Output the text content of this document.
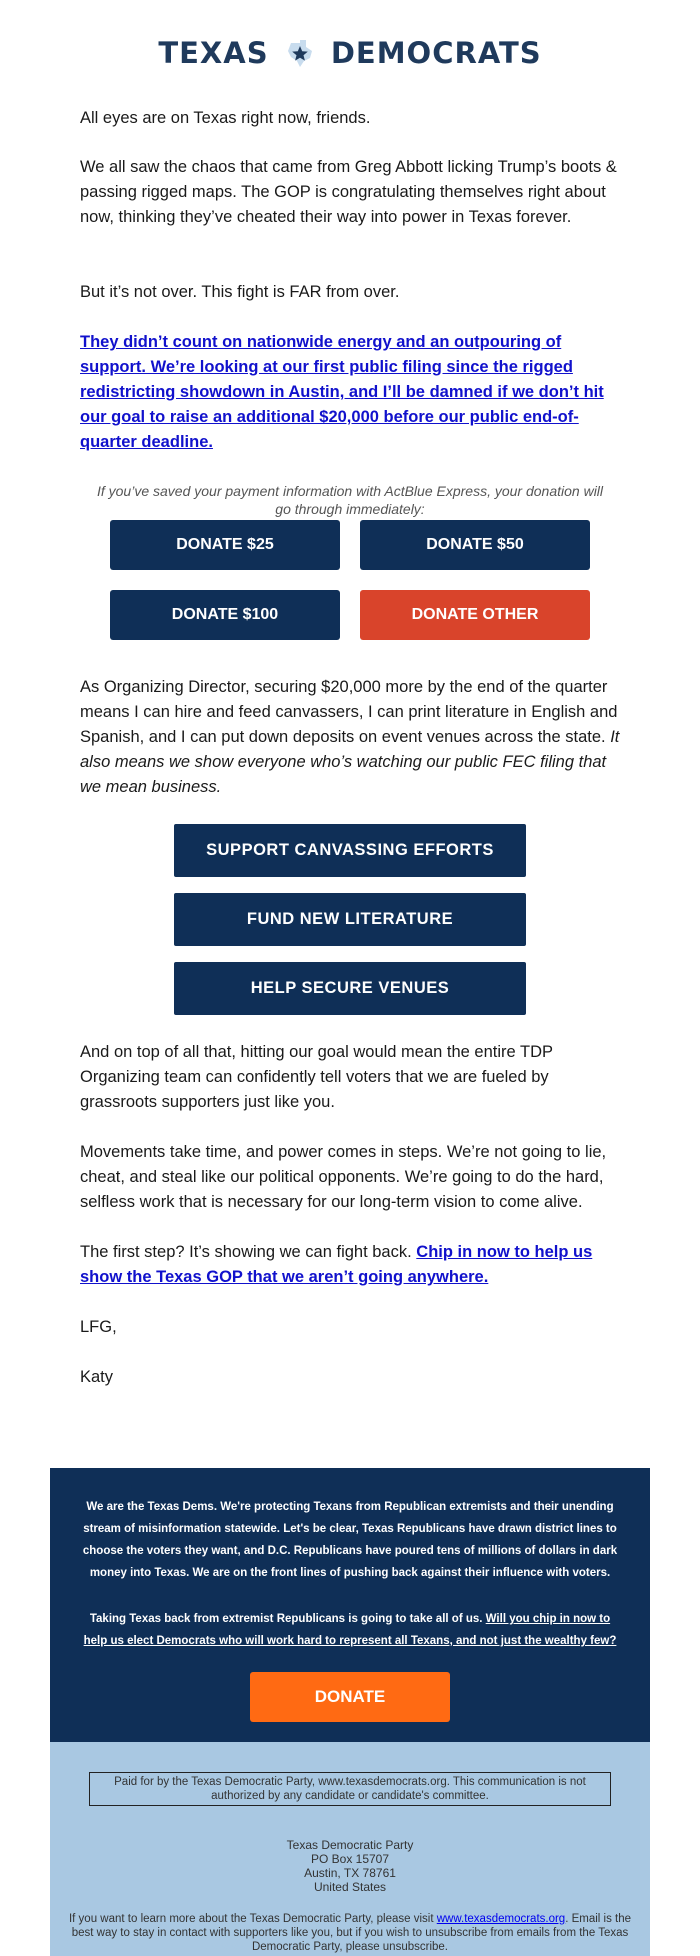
TEXAS DEMOCRATS

All eyes are on Texas right now, friends.

We all saw the chaos that came from Greg Abbott licking Trump’s boots & passing rigged maps. The GOP is congratulating themselves right about now, thinking they’ve cheated their way into power in Texas forever.

But it’s not over. This fight is FAR from over.

They didn’t count on nationwide energy and an outpouring of support. We’re looking at our first public filing since the rigged redistricting showdown in Austin, and I’ll be damned if we don’t hit our goal to raise an additional $20,000 before our public end-of-quarter deadline.

If you’ve saved your payment information with ActBlue Express, your donation will go through immediately:

DONATE $25	DONATE $50
DONATE $100	DONATE OTHER

As Organizing Director, securing $20,000 more by the end of the quarter means I can hire and feed canvassers, I can print literature in English and Spanish, and I can put down deposits on event venues across the state. It also means we show everyone who’s watching our public FEC filing that we mean business.

SUPPORT CANVASSING EFFORTS
FUND NEW LITERATURE
HELP SECURE VENUES

And on top of all that, hitting our goal would mean the entire TDP Organizing team can confidently tell voters that we are fueled by grassroots supporters just like you.

Movements take time, and power comes in steps. We’re not going to lie, cheat, and steal like our political opponents. We’re going to do the hard, selfless work that is necessary for our long-term vision to come alive.

The first step? It’s showing we can fight back. Chip in now to help us show the Texas GOP that we aren’t going anywhere.

LFG,

Katy

We are the Texas Dems. We're protecting Texans from Republican extremists and their unending stream of misinformation statewide. Let's be clear, Texas Republicans have drawn district lines to choose the voters they want, and D.C. Republicans have poured tens of millions of dollars in dark money into Texas. We are on the front lines of pushing back against their influence with voters.

Taking Texas back from extremist Republicans is going to take all of us. Will you chip in now to help us elect Democrats who will work hard to represent all Texans, and not just the wealthy few?

DONATE
Paid for by the Texas Democratic Party, www.texasdemocrats.org. This communication is not authorized by any candidate or candidate's committee.
Texas Democratic Party
PO Box 15707
Austin, TX 78761
United States
If you want to learn more about the Texas Democratic Party, please visit www.texasdemocrats.org. Email is the best way to stay in contact with supporters like you, but if you wish to unsubscribe from emails from the Texas Democratic Party, please unsubscribe.
